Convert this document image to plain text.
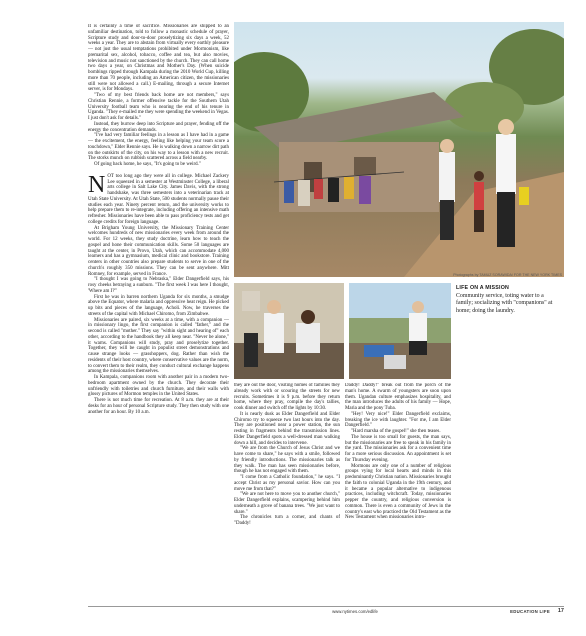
It is certainly a time of sacrifice. Missionaries are shipped to an unfamiliar destination, told to follow a monastic schedule of prayer, Scripture study and door-to-door proselytizing six days a week, 52 weeks a year. They are to abstain from virtually every earthly pleasure — not just the usual temptations prohibited under Mormonism, like premarital sex, alcohol, tobacco, coffee and tea, but also movies, television and music not sanctioned by the church. They can call home two days a year, on Christmas and Mother's Day. (When suicide bombings ripped through Kampala during the 2010 World Cup, killing more than 70 people, including an American citizen, the missionaries still were not allowed a call.) E-mailing, through a secure Internet server, is for Mondays.

"Two of my best friends back home are not members," says Christian Rennie, a former offensive tackle for the Southern Utah University football team who is nearing the end of his tenure in Uganda. "They e-mailed me they were spending the weekend in Vegas. I just don't ask for details."

Instead, they burrow deep into Scripture and prayer, fending off the energy the concentration demands.

"I've had very familiar feelings in a lesson as I have had in a game — the excitement, the energy, feeling like helping your team score a touchdown," Elder Rennie says. He is walking down a narrow dirt path on the outskirts of the city, on his way to a lesson with a new recruit. The storks munch on rubbish scattered across a field nearby.

Of going back home, he says, "It's going to be weird."

NOT too long ago they were all in college. Michael Zackery Lee squeezed in a semester at Westminster College, a liberal arts college in Salt Lake City. James Davis, with the strong handshake, was three semesters into a veterinarian track at Utah State University. At Utah State, 500 students normally pause their studies each year. Ninety percent return, and the university works to help prepare them to re-integrate, including offering an intensive math refresher. Missionaries have been able to pass proficiency tests and get college credits for foreign language.

At Brigham Young University, the Missionary Training Center welcomes hundreds of new missionaries every week from around the world. For 12 weeks, they study doctrine, learn how to teach the gospel and hone their communication skills. Some 50 languages are taught at the center, in Provo, Utah, which can accommodate 4,000 learners and has a gymnasium, medical clinic and bookstore. Training centers in other countries also prepare students to serve in one of the church's roughly 350 missions. They can be sent anywhere. Mitt Romney, for example, served in France.

"I thought I was going to Nebraska," Elder Dangerfield says, his rosy cheeks betraying a sunburn. "The first week I was here I thought, 'Where am I?'"

First he was in barren northern Uganda for six months, a smudge above the Equator, where malaria and oppressive heat reign. He picked up bits and pieces of the language, Acholi. Now, he traverses the streets of the capital with Michael Chiromo, from Zimbabwe.

Missionaries are paired, six weeks at a time, with a companion — in missionary lingo, the first companion is called "father," and the second is called "mother." They say "within sight and hearing of" each other, according to the handbook they all keep near. "Never be alone," it warns. Companions will study, pray and proselytize together. Together, they will be caught in populist street demonstrations and cause strange looks — grasshoppers, dog. Rather than wish the residents of their host country, where conservative values are the norm, to convert them to their realm, they conduct cultural exchange happens among the missionaries themselves.

In Kampala, companions room with another pair in a modern two-bedroom apartment owned by the church. They decorate their unfriendly with toiletries and church furniture, and their walls with glossy pictures of Mormon temples in the United States.

There is not much time for recreation. At 8 a.m. they are at their desks for an hour of personal Scripture study. They then study with one another for an hour. By 10 a.m.

Photographs by TAMUZ SORAWIDA/ FOR THE NEW YORK TIMES
LIFE ON A MISSION
Community service, toting water to a family; socializing with "companions" at home; doing the laundry.

they are out the door, visiting homes of families they already work with or scouring the streets for new recruits. Sometimes it is 9 p.m. before they return home, where they pray, compile the day's tallies, cook dinner and switch off the lights by 10:30.

It is nearly dusk as Elder Dangerfield and Elder Chiromo try to squeeze two last hours into the day. They are positioned near a power station, the sun resting in fragments behind the transmission lines. Elder Dangerfield spots a well-dressed man walking down a hill, and decides to intervene.

"We are from the Church of Jesus Christ and we have come to share," he says with a smile, followed by friendly introductions. The missionaries talk as they walk. The man has seen missionaries before, though he has not engaged with them.

"I come from a Catholic foundation," he says. "I accept Christ as my personal savior. How can you move me from that?"

"We are not here to move you to another church," Elder Dangerfield explains, scampering behind him underneath a grove of banana trees. "We just want to share."

The chronicles turn a corner, and chants of "Daddy!

Daddy! Daddy!" break out from the porch of the man's home. A swarm of youngsters are soon upon them. Ugandan culture emphasizes hospitality, and the man introduces the adults of his family — Hope, Maria and the pony Tuba.

"Hey! Very nice!" Elder Dangerfield exclaims, breaking the ice with laughter. "For me, I am Elder Dangerfield."

"Hard marsha of the gospel!" she then teases.

The house is too small for guests, the man says, but the missionaries are free to speak in his family in the yard. The missionaries ask for a convenient time for a more serious discussion. An appointment is set for Thursday evening.

Mormons are only one of a number of religious groups vying for local hearts and minds in this predominantly Christian nation. Missionaries brought the faith to colonial Uganda in the 19th century, and it became a popular alternative to indigenous practices, including witchcraft. Today, missionaries pepper the country, and religious conversion is common. There is even a community of Jews in the country's east who practiced the Old Testament as the New Testament when missionaries intro-

www.nytimes.com/edlife	EDUCATION LIFE	17
